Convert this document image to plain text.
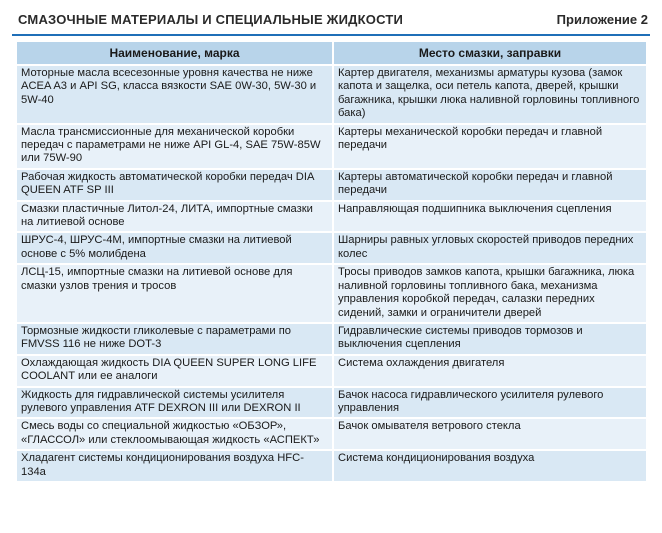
СМАЗОЧНЫЕ МАТЕРИАЛЫ И СПЕЦИАЛЬНЫЕ ЖИДКОСТИ	Приложение 2
Наименование, марка	Место смазки, заправки
Моторные масла всесезонные уровня качества не ниже ACEA A3 и API SG, класса вязкости SAE 0W-30, 5W-30 и 5W-40	Картер двигателя, механизмы арматуры кузова (замок капота и защелка, оси петель капота, дверей, крышки багажника, крышки люка наливной горловины топливного бака)
Масла трансмиссионные для механической коробки передач с параметрами не ниже API GL-4, SAE 75W-85W или 75W-90	Картеры механической коробки передач и главной передачи
Рабочая жидкость автоматической коробки передач DIA QUEEN ATF SP III	Картеры автоматической коробки передач и главной передачи
Смазки пластичные Литол-24, ЛИТА, импортные смазки на литиевой основе	Направляющая подшипника выключения сцепления
ШРУС-4, ШРУС-4М, импортные смазки на литиевой основе с 5% молибдена	Шарниры равных угловых скоростей приводов передних колес
ЛСЦ-15, импортные смазки на литиевой основе для смазки узлов трения и тросов	Тросы приводов замков капота, крышки багажника, люка наливной горловины топливного бака, механизма управления коробкой передач, салазки передних сидений, замки и ограничители дверей
Тормозные жидкости гликолевые с параметрами по FMVSS 116 не ниже DOT-3	Гидравлические системы приводов тормозов и выключения сцепления
Охлаждающая жидкость DIA QUEEN SUPER LONG LIFE COOLANT или ее аналоги	Система охлаждения двигателя
Жидкость для гидравлической системы усилителя рулевого управления ATF DEXRON III или DEXRON II	Бачок насоса гидравлического усилителя рулевого управления
Смесь воды со специальной жидкостью «ОБЗОР», «ГЛАССОЛ» или стеклоомывающая жидкость «АСПЕКТ»	Бачок омывателя ветрового стекла
Хладагент системы кондиционирования воздуха HFC-134a	Система кондиционирования воздуха
